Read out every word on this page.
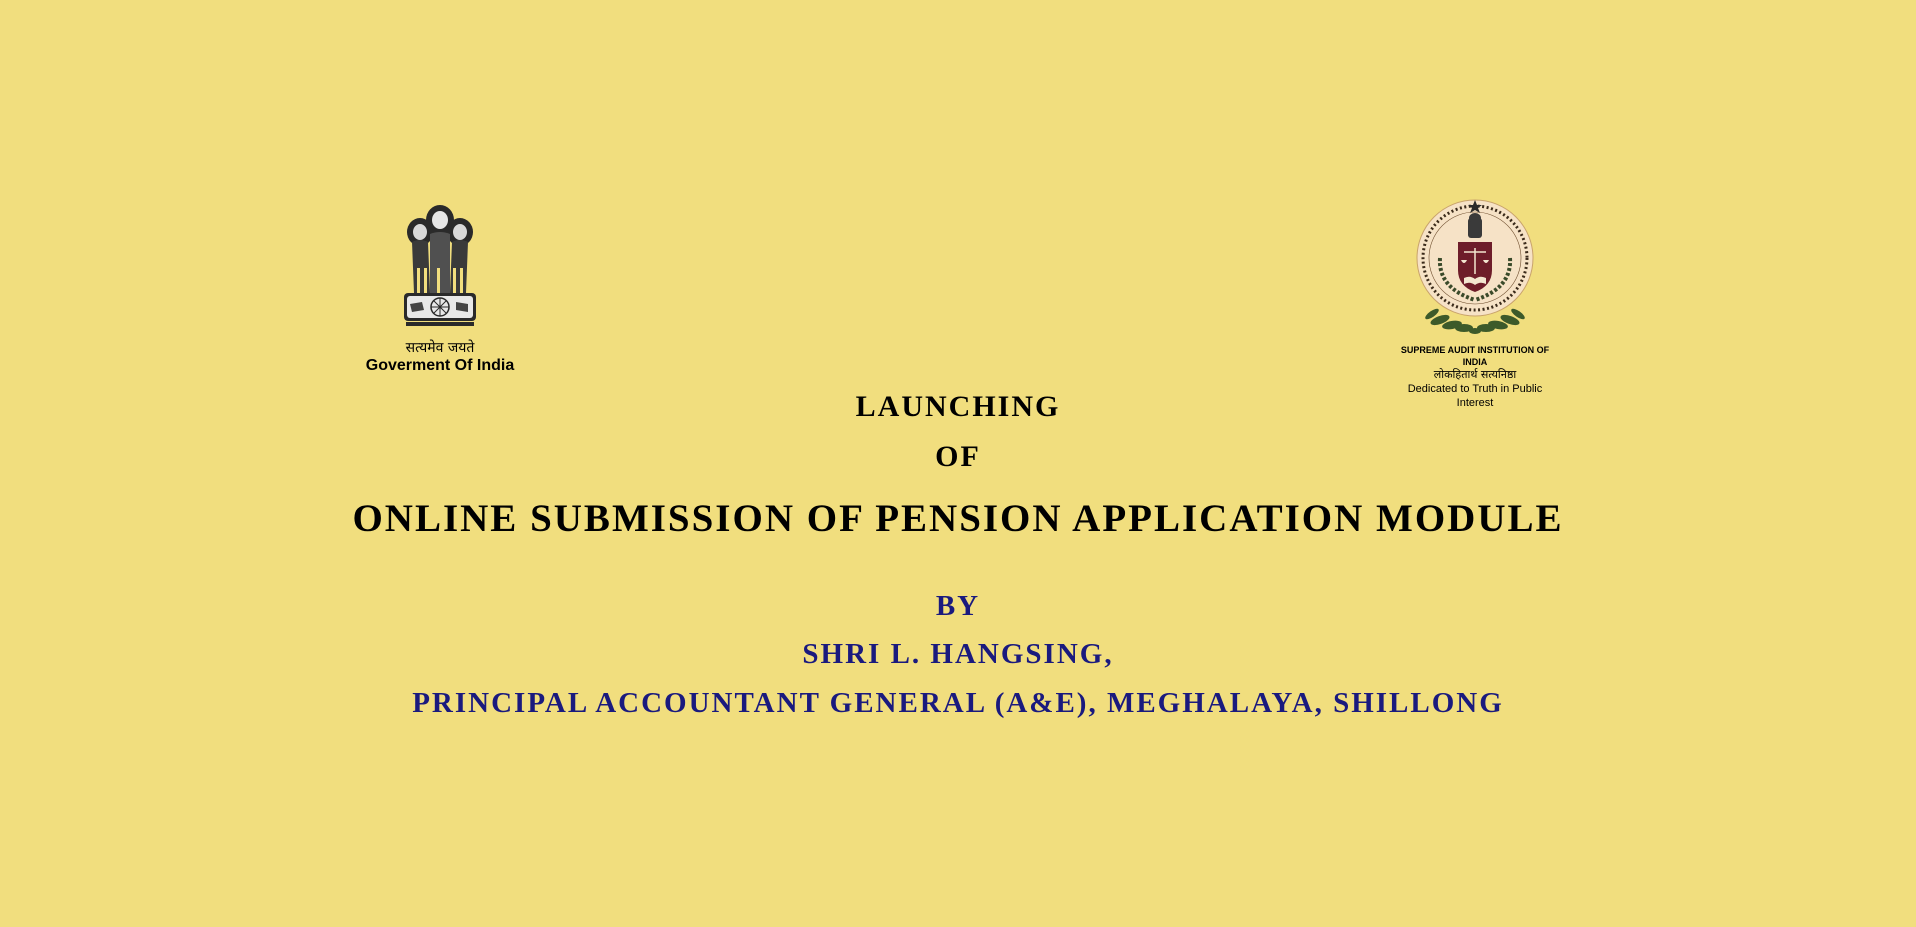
सत्यमेव जयते
Goverment Of India
SUPREME AUDIT INSTITUTION OF INDIA
लोकहितार्थ सत्यनिष्ठा
Dedicated to Truth in Public Interest
LAUNCHING
OF
ONLINE SUBMISSION OF PENSION APPLICATION MODULE
BY
SHRI L. HANGSING,
PRINCIPAL ACCOUNTANT GENERAL (A&E), MEGHALAYA, SHILLONG
